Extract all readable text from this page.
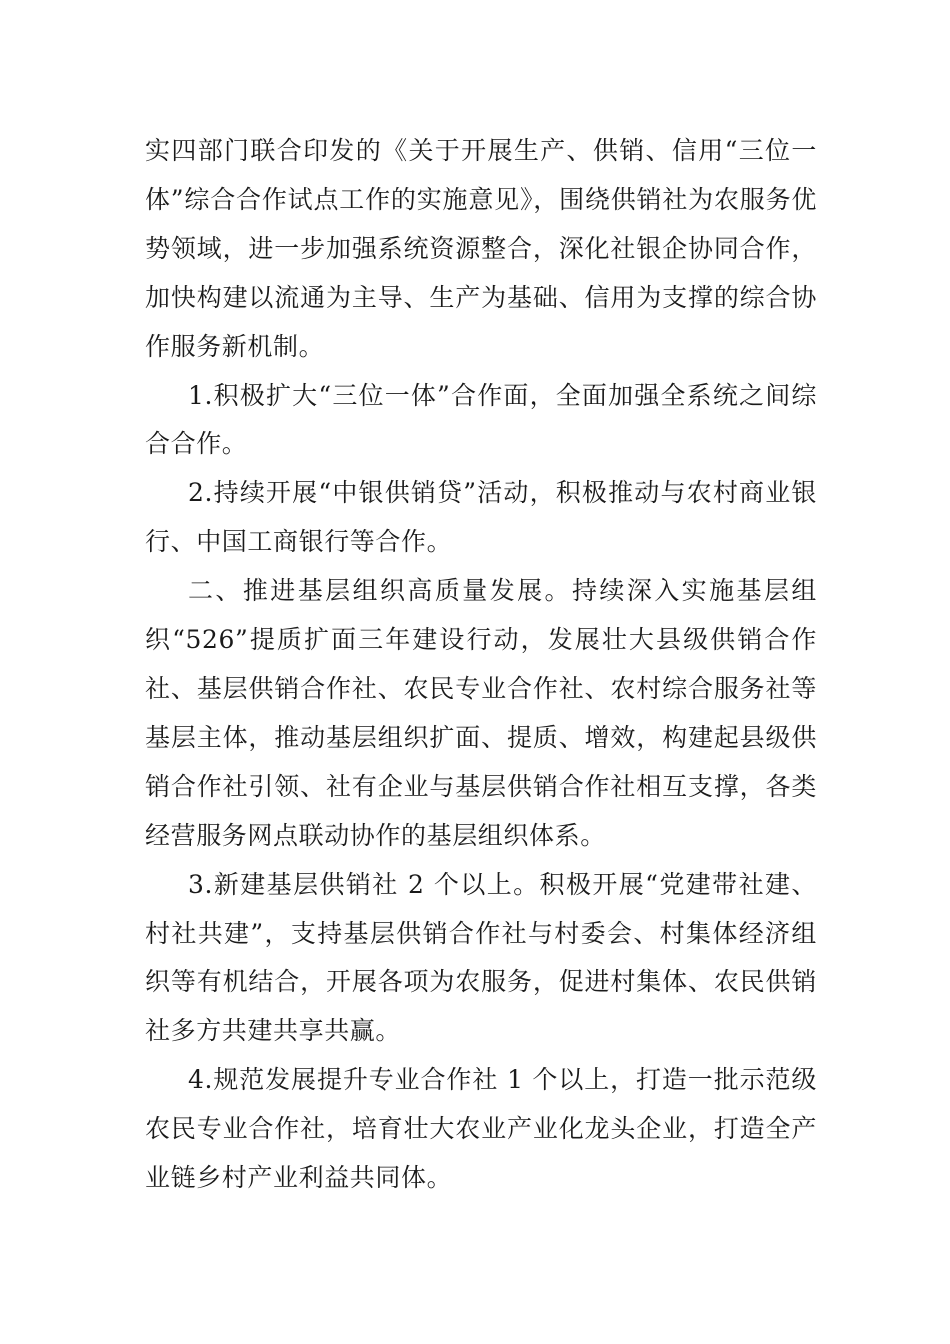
实四部门联合印发的《关于开展生产、供销、信用“三位一体”综合合作试点工作的实施意见》，围绕供销社为农服务优势领域，进一步加强系统资源整合，深化社银企协同合作，加快构建以流通为主导、生产为基础、信用为支撑的综合协作服务新机制。

1.积极扩大“三位一体”合作面，全面加强全系统之间综合合作。

2.持续开展“中银供销贷”活动，积极推动与农村商业银行、中国工商银行等合作。

二、推进基层组织高质量发展。持续深入实施基层组织“526”提质扩面三年建设行动，发展壮大县级供销合作社、基层供销合作社、农民专业合作社、农村综合服务社等基层主体，推动基层组织扩面、提质、增效，构建起县级供销合作社引领、社有企业与基层供销合作社相互支撑，各类经营服务网点联动协作的基层组织体系。

3.新建基层供销社 2 个以上。积极开展“党建带社建、村社共建”，支持基层供销合作社与村委会、村集体经济组织等有机结合，开展各项为农服务，促进村集体、农民供销社多方共建共享共赢。

4.规范发展提升专业合作社 1 个以上，打造一批示范级农民专业合作社，培育壮大农业产业化龙头企业，打造全产业链乡村产业利益共同体。
